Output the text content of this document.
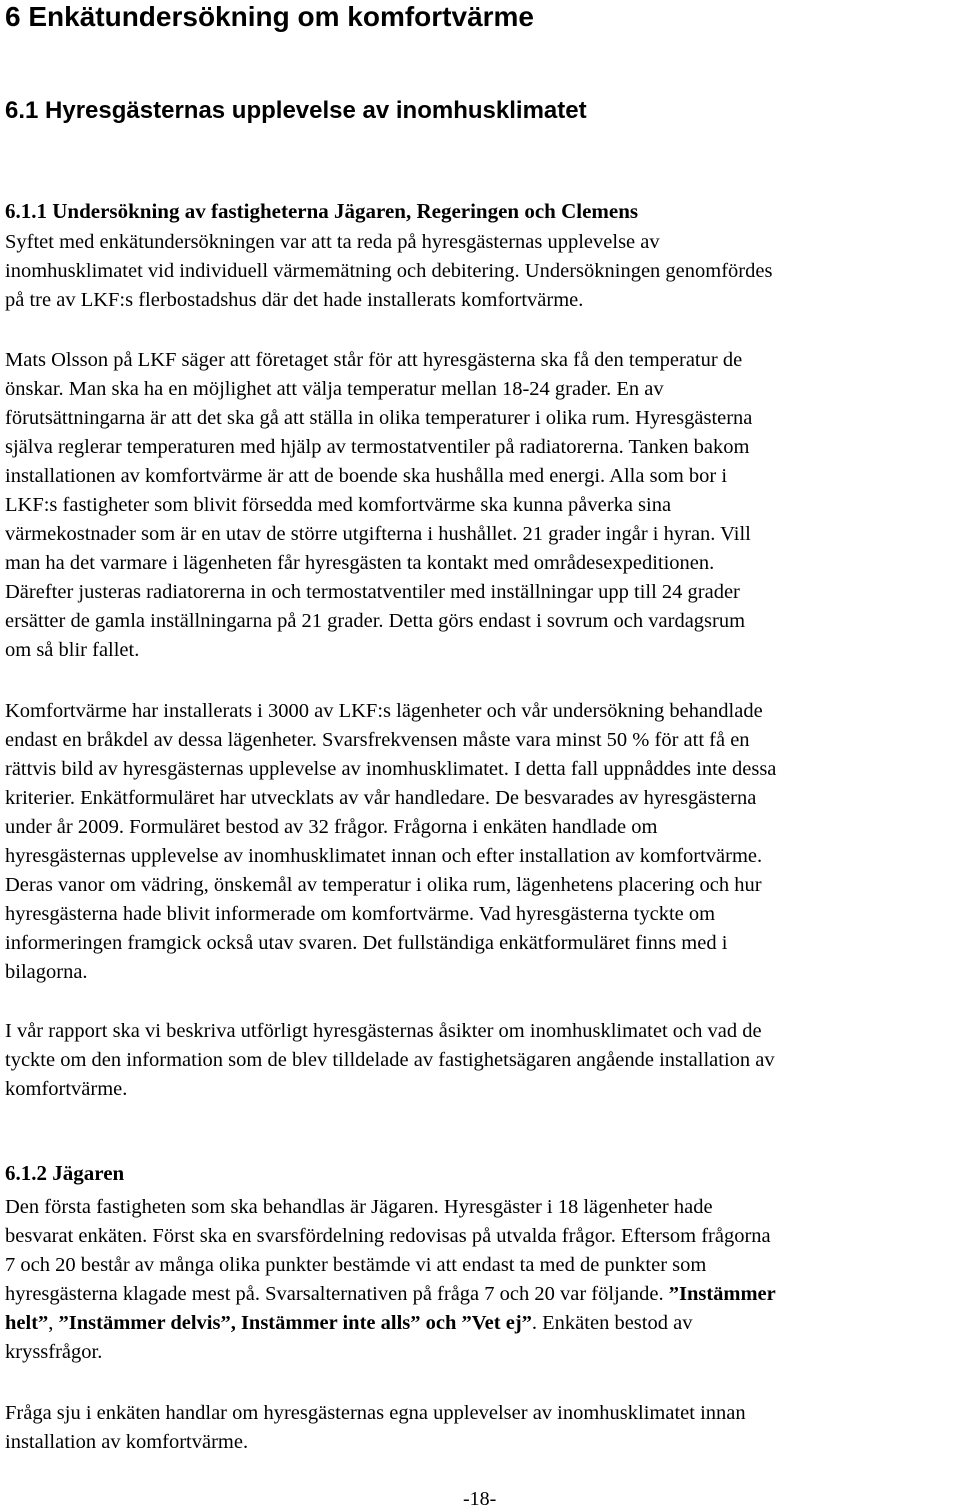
6 Enkätundersökning om komfortvärme
6.1 Hyresgästernas upplevelse av inomhusklimatet
6.1.1 Undersökning av fastigheterna Jägaren, Regeringen och Clemens
Syftet med enkätundersökningen var att ta reda på hyresgästernas upplevelse av
inomhusklimatet vid individuell värmemätning och debitering. Undersökningen genomfördes
på tre av LKF:s flerbostadshus där det hade installerats komfortvärme.
Mats Olsson på LKF säger att företaget står för att hyresgästerna ska få den temperatur de
önskar. Man ska ha en möjlighet att välja temperatur mellan 18-24 grader. En av
förutsättningarna är att det ska gå att ställa in olika temperaturer i olika rum. Hyresgästerna
själva reglerar temperaturen med hjälp av termostatventiler på radiatorerna. Tanken bakom
installationen av komfortvärme är att de boende ska hushålla med energi. Alla som bor i
LKF:s fastigheter som blivit försedda med komfortvärme ska kunna påverka sina
värmekostnader som är en utav de större utgifterna i hushållet. 21 grader ingår i hyran. Vill
man ha det varmare i lägenheten får hyresgästen ta kontakt med områdesexpeditionen.
Därefter justeras radiatorerna in och termostatventiler med inställningar upp till 24 grader
ersätter de gamla inställningarna på 21 grader. Detta görs endast i sovrum och vardagsrum
om så blir fallet.
Komfortvärme har installerats i 3000 av LKF:s lägenheter och vår undersökning behandlade
endast en bråkdel av dessa lägenheter. Svarsfrekvensen måste vara minst 50 % för att få en
rättvis bild av hyresgästernas upplevelse av inomhusklimatet. I detta fall uppnåddes inte dessa
kriterier. Enkätformuläret har utvecklats av vår handledare. De besvarades av hyresgästerna
under år 2009. Formuläret bestod av 32 frågor. Frågorna i enkäten handlade om
hyresgästernas upplevelse av inomhusklimatet innan och efter installation av komfortvärme.
Deras vanor om vädring, önskemål av temperatur i olika rum, lägenhetens placering och hur
hyresgästerna hade blivit informerade om komfortvärme. Vad hyresgästerna tyckte om
informeringen framgick också utav svaren. Det fullständiga enkätformuläret finns med i
bilagorna.
I vår rapport ska vi beskriva utförligt hyresgästernas åsikter om inomhusklimatet och vad de
tyckte om den information som de blev tilldelade av fastighetsägaren angående installation av
komfortvärme.
6.1.2 Jägaren
Den första fastigheten som ska behandlas är Jägaren. Hyresgäster i 18 lägenheter hade
besvarat enkäten. Först ska en svarsfördelning redovisas på utvalda frågor. Eftersom frågorna
7 och 20 består av många olika punkter bestämde vi att endast ta med de punkter som
hyresgästerna klagade mest på. Svarsalternativen på fråga 7 och 20 var följande. ”Instämmer
helt”, ”Instämmer delvis”, Instämmer inte alls” och ”Vet ej”. Enkäten bestod av
kryssfrågor.
Fråga sju i enkäten handlar om hyresgästernas egna upplevelser av inomhusklimatet innan
installation av komfortvärme.
-18-
